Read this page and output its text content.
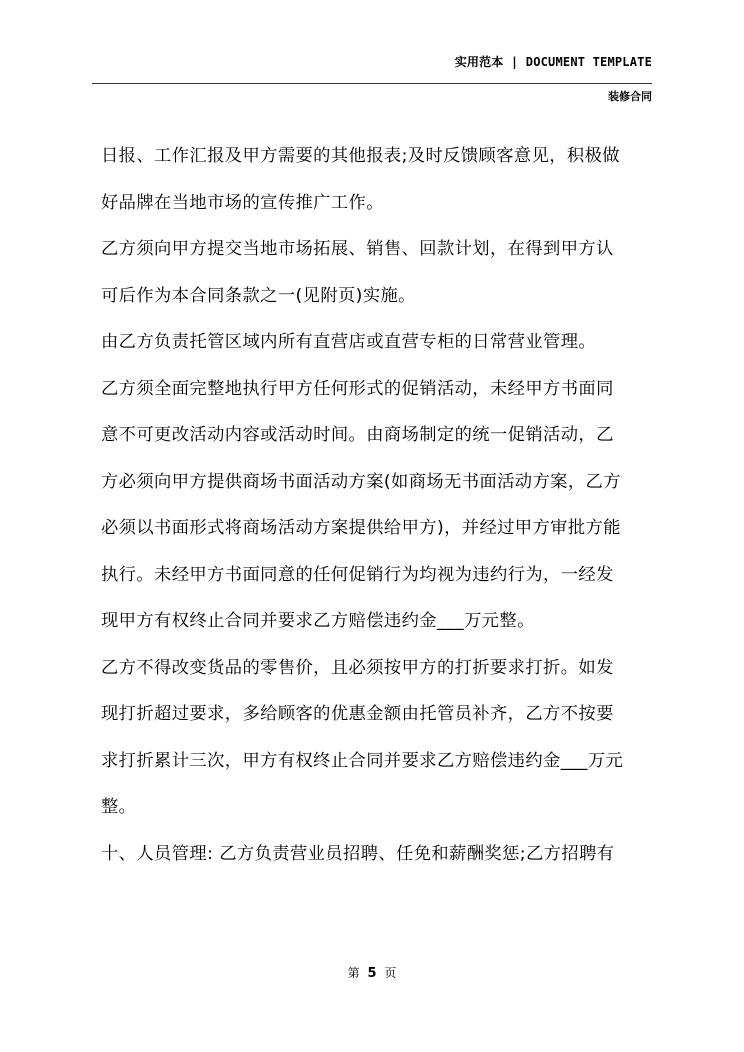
实用范本 | DOCUMENT TEMPLATE
装修合同
日报、工作汇报及甲方需要的其他报表;及时反馈顾客意见，积极做
好品牌在当地市场的宣传推广工作。
乙方须向甲方提交当地市场拓展、销售、回款计划，在得到甲方认
可后作为本合同条款之一(见附页)实施。
由乙方负责托管区域内所有直营店或直营专柜的日常营业管理。
乙方须全面完整地执行甲方任何形式的促销活动，未经甲方书面同
意不可更改活动内容或活动时间。由商场制定的统一促销活动，乙
方必须向甲方提供商场书面活动方案(如商场无书面活动方案，乙方
必须以书面形式将商场活动方案提供给甲方)，并经过甲方审批方能
执行。未经甲方书面同意的任何促销行为均视为违约行为，一经发
现甲方有权终止合同并要求乙方赔偿违约金___万元整。
乙方不得改变货品的零售价，且必须按甲方的打折要求打折。如发
现打折超过要求，多给顾客的优惠金额由托管员补齐，乙方不按要
求打折累计三次，甲方有权终止合同并要求乙方赔偿违约金___万元
整。
十、人员管理: 乙方负责营业员招聘、任免和薪酬奖惩;乙方招聘有
第 5 页
